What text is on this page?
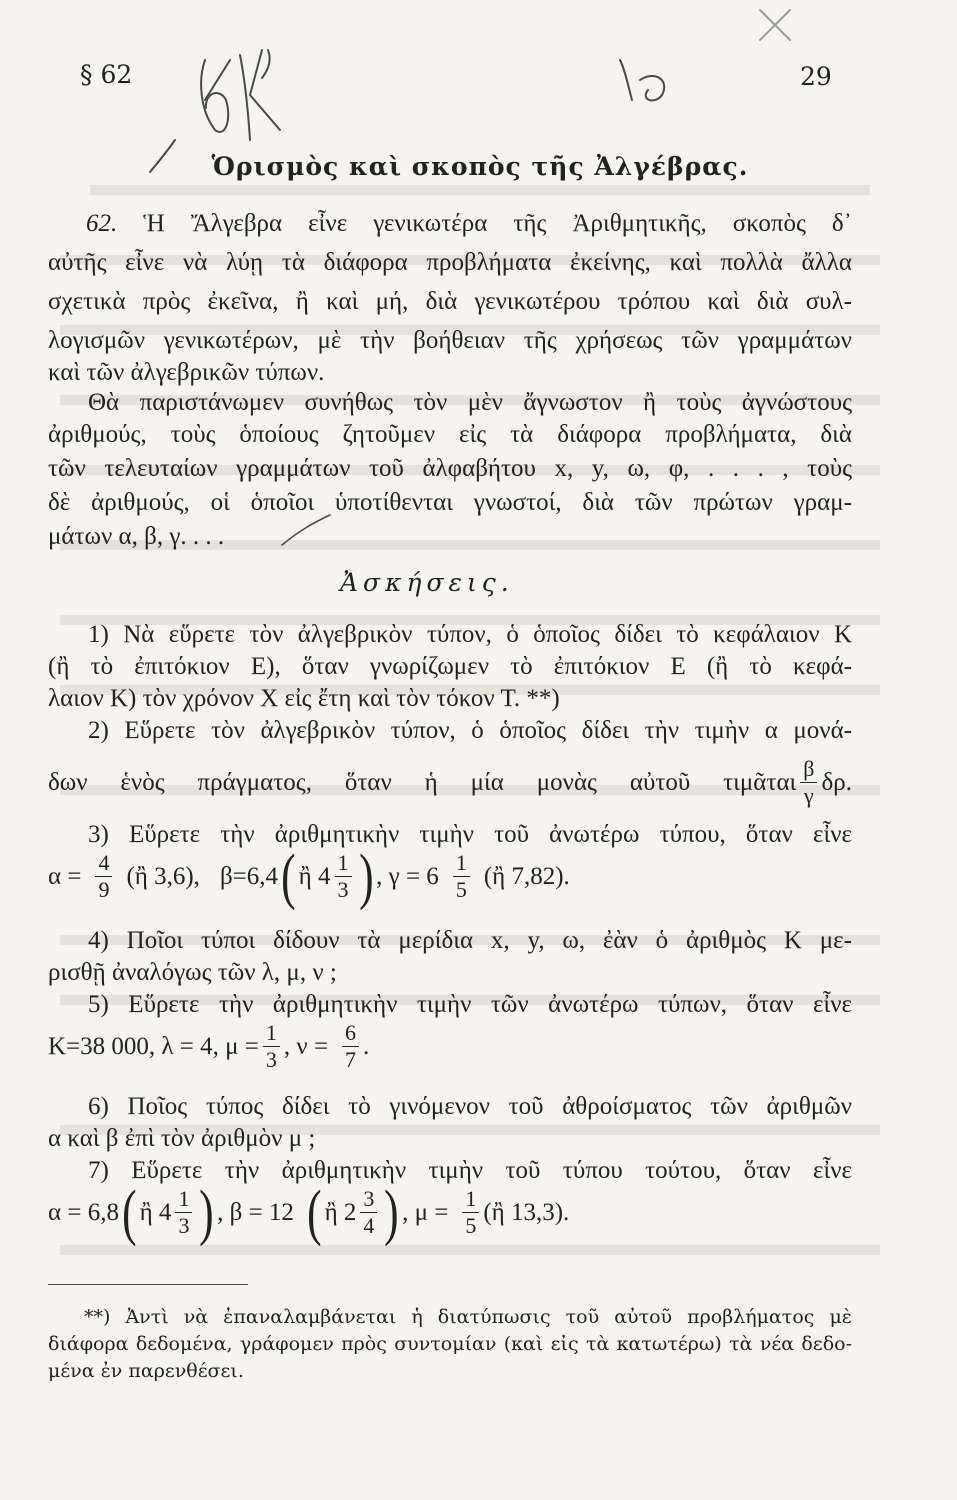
§ 62	29
Ὁρισμὸς καὶ σκοπὸς τῆς Ἀλγέβρας.
62. Ἡ Ἄλγεβρα εἶνε γενικωτέρα τῆς Ἀριθμητικῆς, σκοπὸς δ᾽
αὐτῆς εἶνε νὰ λύῃ τὰ διάφορα προβλήματα ἐκείνης, καὶ πολλὰ ἄλλα
σχετικὰ πρὸς ἐκεῖνα, ἢ καὶ μή, διὰ γενικωτέρου τρόπου καὶ διὰ συλ-
λογισμῶν γενικωτέρων, μὲ τὴν βοήθειαν τῆς χρήσεως τῶν γραμμάτων
καὶ τῶν ἀλγεβρικῶν τύπων.
Θὰ παριστάνωμεν συνήθως τὸν μὲν ἄγνωστον ἢ τοὺς ἀγνώστους
ἀριθμούς, τοὺς ὁποίους ζητοῦμεν εἰς τὰ διάφορα προβλήματα, διὰ
τῶν τελευταίων γραμμάτων τοῦ ἀλφαβήτου x, y, ω, φ, . . . , τοὺς
δὲ ἀριθμούς, οἱ ὁποῖοι ὑποτίθενται γνωστοί, διὰ τῶν πρώτων γραμ-
μάτων α, β, γ. . . .
Ἀσκήσεις.
1) Νὰ εὕρετε τὸν ἀλγεβρικὸν τύπον, ὁ ὁποῖος δίδει τὸ κεφάλαιον Κ
(ἢ τὸ ἐπιτόκιον Ε), ὅταν γνωρίζωμεν τὸ ἐπιτόκιον Ε (ἢ τὸ κεφά-
λαιον Κ) τὸν χρόνον Χ εἰς ἔτη καὶ τὸν τόκον Τ. **)
2) Εὕρετε τὸν ἀλγεβρικὸν τύπον, ὁ ὁποῖος δίδει τὴν τιμὴν α μονά-
δων ἑνὸς πράγματος, ὅταν ἡ μία μονὰς αὐτοῦ τιμᾶται $\frac{\beta}{\gamma} \delta\rho$.
3) Εὕρετε τὴν ἀριθμητικὴν τιμὴν τοῦ ἀνωτέρω τύπου, ὅταν εἶνε
$\alpha = \frac{4}{9}$ (ἢ 3,6), β=6,4 ( ἢ $4 \frac{1}{3}$ ) , $\gamma = 6 \frac{1}{5}$ (ἢ 7,82).
4) Ποῖοι τύποι δίδουν τὰ μερίδια x, y, ω, ἐὰν ὁ ἀριθμὸς Κ με-
ρισθῇ ἀναλόγως τῶν λ, μ, ν ;
5) Εὕρετε τὴν ἀριθμητικὴν τιμὴν τῶν ἀνωτέρω τύπων, ὅταν εἶνε
Κ=38 000, λ = 4, $\mu = \frac{1}{3}$ , $\nu = \frac{6}{7}$ .
6) Ποῖος τύπος δίδει τὸ γινόμενον τοῦ ἀθροίσματος τῶν ἀριθμῶν
α καὶ β ἐπὶ τὸν ἀριθμὸν μ ;
7) Εὕρετε τὴν ἀριθμητικὴν τιμὴν τοῦ τύπου τούτου, ὅταν εἶνε
α = 6,8 ( ἢ $4 \frac{1}{3}$ ) , β = 12 ( ἢ $2 \frac{3}{4}$ ) , $\mu = \frac{1}{5}$ (ἢ 13,3).
**) Ἀντὶ νὰ ἐπαναλαμβάνεται ἡ διατύπωσις τοῦ αὐτοῦ προβλήματος μὲ
διάφορα δεδομένα, γράφομεν πρὸς συντομίαν (καὶ εἰς τὰ κατωτέρω) τὰ νέα δεδο-
μένα ἐν παρενθέσει.
